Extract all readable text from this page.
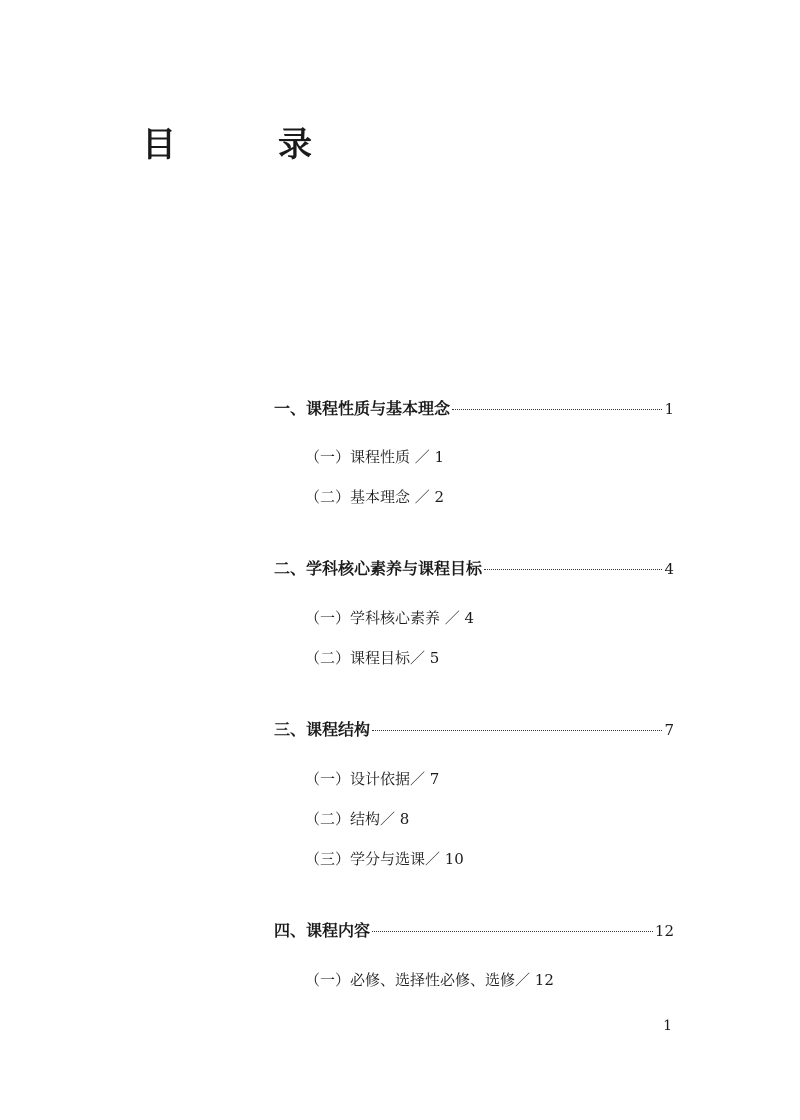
目　录
一、课程性质与基本理念	1
（一）课程性质 ／ 1
（二）基本理念 ／ 2
二、学科核心素养与课程目标	4
（一）学科核心素养 ／ 4
（二）课程目标／ 5
三、课程结构	7
（一）设计依据／ 7
（二）结构／ 8
（三）学分与选课／ 10
四、课程内容	12
（一）必修、选择性必修、选修／ 12
1
